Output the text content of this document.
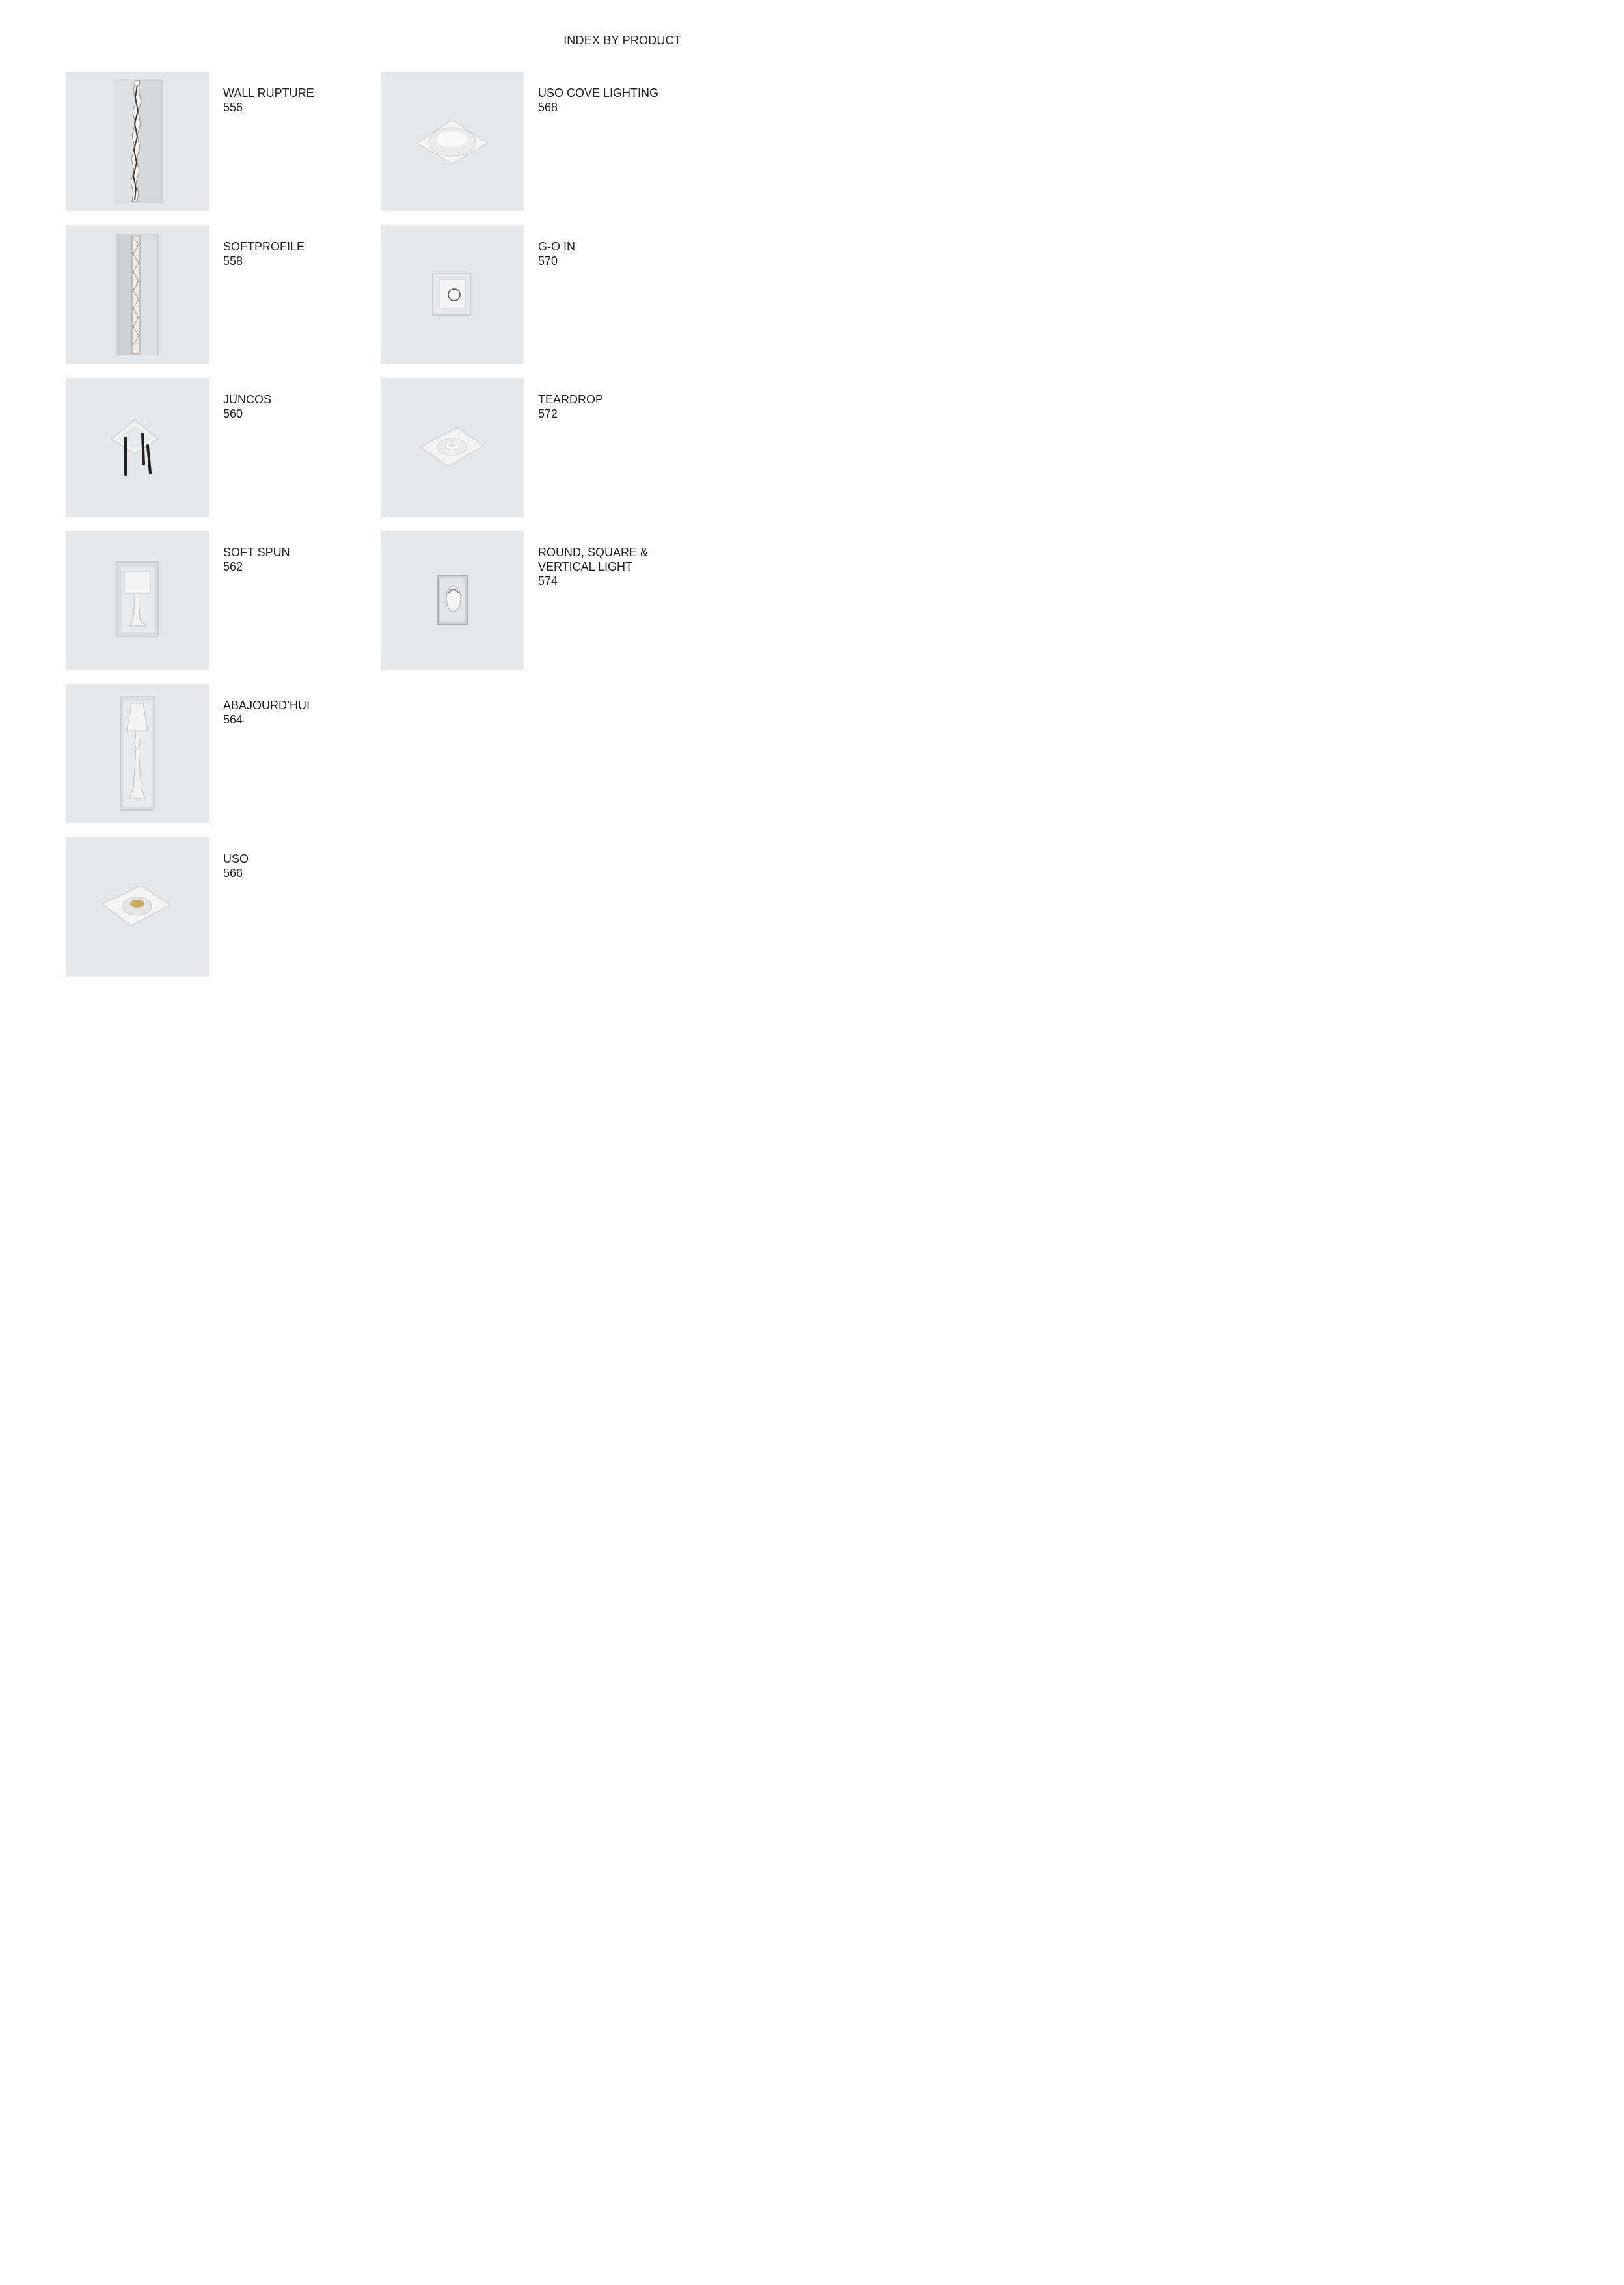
INDEX BY PRODUCT

WALL RUPTURE

556

SOFTPROFILE

558

JUNCOS

560

SOFT SPUN

562

ABAJOURD’HUI

564

USO

566

USO COVE LIGHTING

568

G-O IN

570

TEARDROP

572

ROUND, SQUARE &
VERTICAL LIGHT

574
